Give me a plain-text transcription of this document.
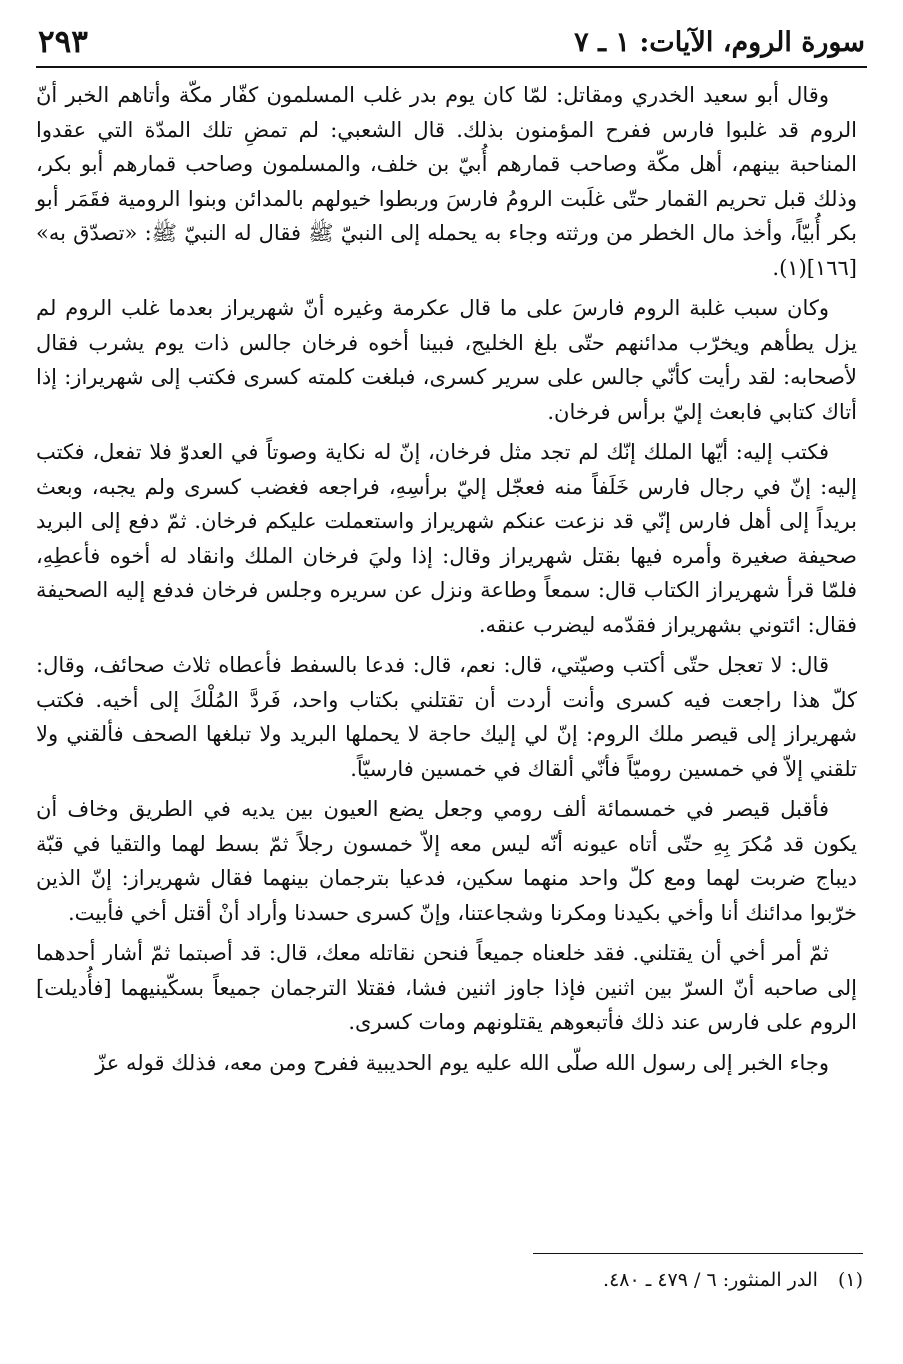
سورة الروم، الآيات: ١ ـ ٧
٢٩٣

وقال أبو سعيد الخدري ومقاتل: لمّا كان يوم بدر غلب المسلمون كفّار مكّة وأتاهم الخبر أنّ الروم قد غلبوا فارس ففرح المؤمنون بذلك. قال الشعبي: لم تمضِ تلك المدّة التي عقدوا المناحبة بينهم، أهل مكّة وصاحب قمارهم أُبيّ بن خلف، والمسلمون وصاحب قمارهم أبو بكر، وذلك قبل تحريم القمار حتّى غلَبت الرومُ فارسَ وربطوا خيولهم بالمدائن وبنوا الرومية فقَمَر أبو بكر أُبيّاً، وأخذ مال الخطر من ورثته وجاء به يحمله إلى النبيّ ﷺ فقال له النبيّ ﷺ: «تصدّق به» [١٦٦](١).

وكان سبب غلبة الروم فارسَ على ما قال عكرمة وغيره أنّ شهريراز بعدما غلب الروم لم يزل يطأهم ويخرّب مدائنهم حتّى بلغ الخليج، فبينا أخوه فرخان جالس ذات يوم يشرب فقال لأصحابه: لقد رأيت كأنّي جالس على سرير كسرى، فبلغت كلمته كسرى فكتب إلى شهريراز: إذا أتاك كتابي فابعث إليّ برأس فرخان.

فكتب إليه: أيّها الملك إنّك لم تجد مثل فرخان، إنّ له نكاية وصوتاً في العدوّ فلا تفعل، فكتب إليه: إنّ في رجال فارس خَلَفاً منه فعجّل إليّ برأسِهِ، فراجعه فغضب كسرى ولم يجبه، وبعث بريداً إلى أهل فارس إنّي قد نزعت عنكم شهريراز واستعملت عليكم فرخان. ثمّ دفع إلى البريد صحيفة صغيرة وأمره فيها بقتل شهريراز وقال: إذا وليَ فرخان الملك وانقاد له أخوه فأعطِهِ، فلمّا قرأ شهريراز الكتاب قال: سمعاً وطاعة ونزل عن سريره وجلس فرخان فدفع إليه الصحيفة فقال: ائتوني بشهريراز فقدّمه ليضرب عنقه.

قال: لا تعجل حتّى أكتب وصيّتي، قال: نعم، قال: فدعا بالسفط فأعطاه ثلاث صحائف، وقال: كلّ هذا راجعت فيه كسرى وأنت أردت أن تقتلني بكتاب واحد، فَردَّ المُلْكَ إلى أخيه. فكتب شهريراز إلى قيصر ملك الروم: إنّ لي إليك حاجة لا يحملها البريد ولا تبلغها الصحف فألقني ولا تلقني إلاّ في خمسين روميّاً فأنّي ألقاك في خمسين فارسيّاً.

فأقبل قيصر في خمسمائة ألف رومي وجعل يضع العيون بين يديه في الطريق وخاف أن يكون قد مُكرَ بِهِ حتّى أتاه عيونه أنّه ليس معه إلاّ خمسون رجلاً ثمّ بسط لهما والتقيا في قبّة ديباج ضربت لهما ومع كلّ واحد منهما سكين، فدعيا بترجمان بينهما فقال شهريراز: إنّ الذين خرّبوا مدائنك أنا وأخي بكيدنا ومكرنا وشجاعتنا، وإنّ كسرى حسدنا وأراد أنْ أقتل أخي فأبيت.

ثمّ أمر أخي أن يقتلني. فقد خلعناه جميعاً فنحن نقاتله معك، قال: قد أصبتما ثمّ أشار أحدهما إلى صاحبه أنّ السرّ بين اثنين فإذا جاوز اثنين فشا، فقتلا الترجمان جميعاً بسكّينيهما [فأُديلت] الروم على فارس عند ذلك فأتبعوهم يقتلونهم ومات كسرى.

وجاء الخبر إلى رسول الله صلّى الله عليه يوم الحديبية ففرح ومن معه، فذلك قوله عزّ

(١) الدر المنثور: ٦ / ٤٧٩ ـ ٤٨٠.
